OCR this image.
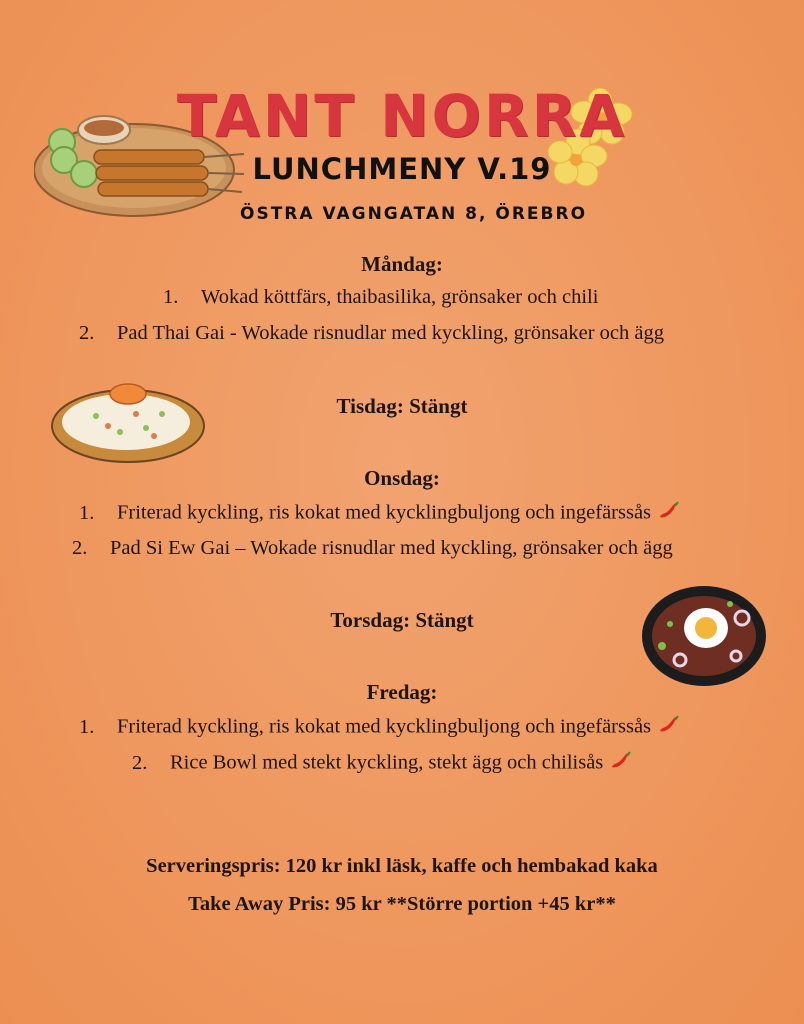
TANT NORRA
LUNCHMENY V.19
ÖSTRA VAGNGATAN 8, ÖREBRO
Måndag:
1. Wokad köttfärs, thaibasilika, grönsaker och chili
2. Pad Thai Gai - Wokade risnudlar med kyckling, grönsaker och ägg
Tisdag: Stängt
Onsdag:
1. Friterad kyckling, ris kokat med kycklingbuljong och ingefärssås
2. Pad Si Ew Gai – Wokade risnudlar med kyckling, grönsaker och ägg
Torsdag: Stängt
Fredag:
1. Friterad kyckling, ris kokat med kycklingbuljong och ingefärssås
2. Rice Bowl med stekt kyckling, stekt ägg och chilisås
Serveringspris: 120 kr inkl läsk, kaffe och hembakad kaka
Take Away Pris: 95 kr **Större portion +45 kr**
